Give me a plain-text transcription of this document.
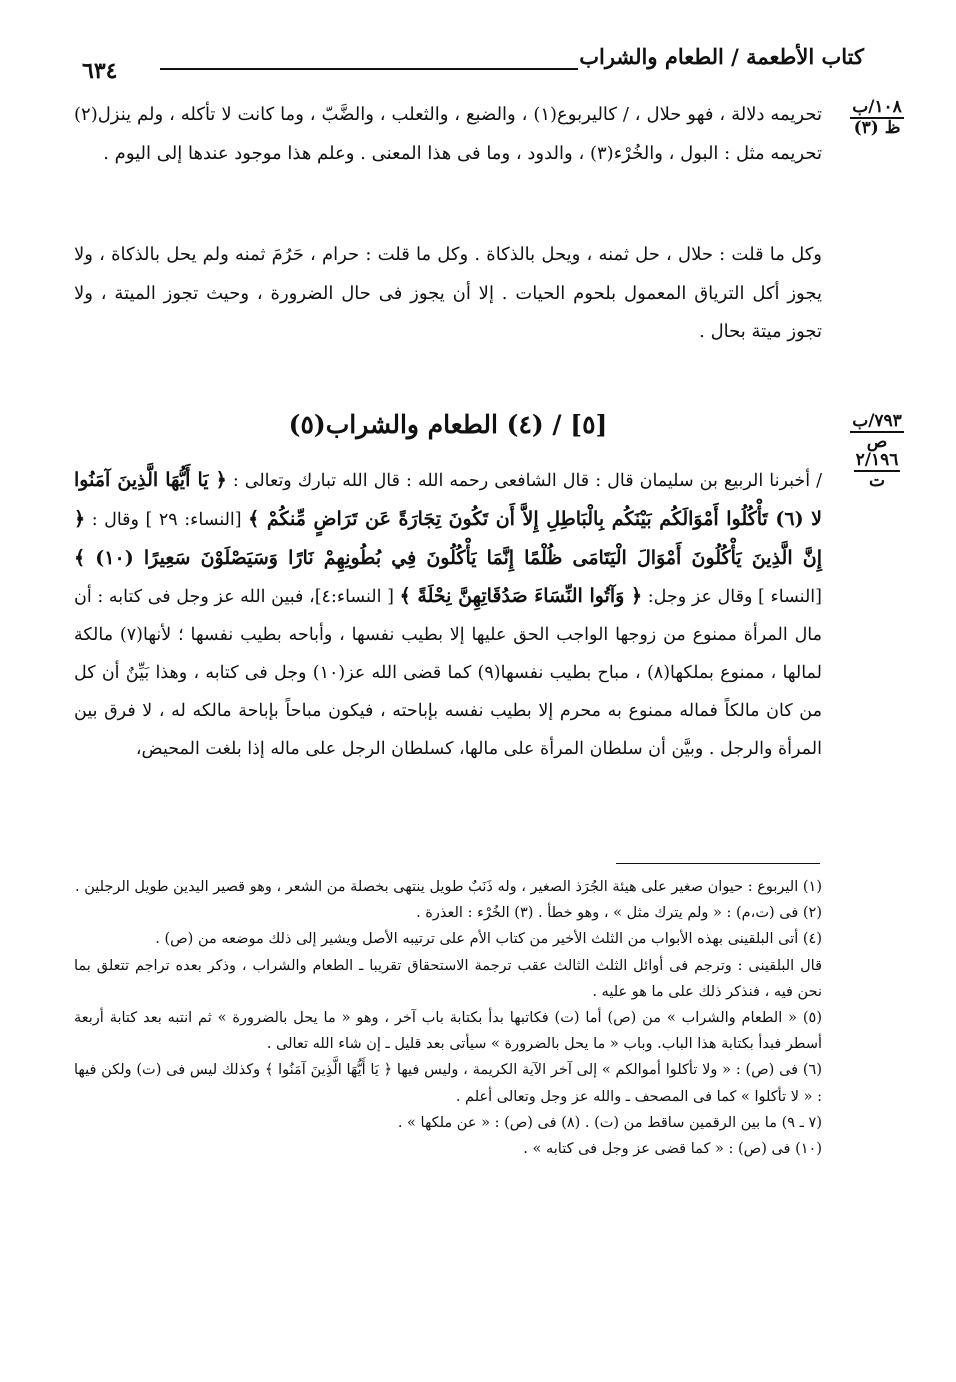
كتاب الأطعمة / الطعام والشراب
٦٣٤
١٠٨/ب
ظ (٣)
٧٩٣/ب
ص
٢/١٩٦
ت

تحريمه دلالة ، فهو حلال ، / كاليربوع(١) ، والضبع ، والثعلب ، والضَّبّ ، وما كانت لا تأكله ، ولم ينزل(٢) تحريمه مثل : البول ، والخُرْء(٣) ، والدود ، وما فى هذا المعنى . وعلم هذا موجود عندها إلى اليوم .

وكل ما قلت : حلال ، حل ثمنه ، ويحل بالذكاة . وكل ما قلت : حرام ، حَرُمَ ثمنه ولم يحل بالذكاة ، ولا يجوز أكل الترياق المعمول بلحوم الحيات . إلا أن يجوز فى حال الضرورة ، وحيث تجوز الميتة ، ولا تجوز ميتة بحال .

[٥] / (٤) الطعام والشراب(٥)

/ أخبرنا الربيع بن سليمان قال : قال الشافعى رحمه الله : قال الله تبارك وتعالى : ﴿ يَا أَيُّهَا الَّذِينَ آمَنُوا لا (٦) تَأْكُلُوا أَمْوَالَكُم بَيْنَكُم بِالْبَاطِلِ إِلاَّ أَن تَكُونَ تِجَارَةً عَن تَرَاضٍ مِّنكُمْ ﴾ [النساء: ٢٩ ] وقال : ﴿ إِنَّ الَّذِينَ يَأْكُلُونَ أَمْوَالَ الْيَتَامَى ظُلْمًا إِنَّمَا يَأْكُلُونَ فِي بُطُونِهِمْ نَارًا وَسَيَصْلَوْنَ سَعِيرًا (١٠) ﴾ [النساء ] وقال عز وجل: ﴿ وَآتُوا النِّسَاءَ صَدُقَاتِهِنَّ نِحْلَةً ﴾ [ النساء:٤]، فبين الله عز وجل فى كتابه : أن مال المرأة ممنوع من زوجها الواجب الحق عليها إلا بطيب نفسها ، وأباحه بطيب نفسها ؛ لأنها(٧) مالكة لمالها ، ممنوع بملكها(٨) ، مباح بطيب نفسها(٩) كما قضى الله عز(١٠) وجل فى كتابه ، وهذا بَيِّنٌ أن كل من كان مالكاً فماله ممنوع به محرم إلا بطيب نفسه بإباحته ، فيكون مباحاً بإباحة مالكه له ، لا فرق بين المرأة والرجل . وبيَّن أن سلطان المرأة على مالها، كسلطان الرجل على ماله إذا بلغت المحيض،

(١) اليربوع : حيوان صغير على هيئة الجُرَذ الصغير ، وله ذَنَبٌ طويل ينتهى بخصلة من الشعر ، وهو قصير اليدين طويل الرجلين .
(٢) فى (ت،م) : « ولم يترك مثل » ، وهو خطأ . (٣) الخُرْء : العذرة .
(٤) أتى البلقينى بهذه الأبواب من الثلث الأخير من كتاب الأم على ترتيبه الأصل ويشير إلى ذلك موضعه من (ص) .
قال البلقينى : وترجم فى أوائل الثلث الثالث عقب ترجمة الاستحقاق تقريبا ـ الطعام والشراب ، وذكر بعده تراجم تتعلق بما نحن فيه ، فنذكر ذلك على ما هو عليه .
(٥) « الطعام والشراب » من (ص) أما (ت) فكاتبها بدأ بكتابة باب آخر ، وهو « ما يحل بالضرورة » ثم انتبه بعد كتابة أربعة أسطر فبدأ بكتابة هذا الباب. وباب « ما يحل بالضرورة » سيأتى بعد قليل ـ إن شاء الله تعالى .
(٦) فى (ص) : « ولا تأكلوا أموالكم » إلى آخر الآية الكريمة ، وليس فيها ﴿ يَا أَيُّهَا الَّذِينَ آمَنُوا ﴾ وكذلك ليس فى (ت) ولكن فيها : « لا تأكلوا » كما فى المصحف ـ والله عز وجل وتعالى أعلم .
(٧ ـ ٩) ما بين الرقمين ساقط من (ت) . (٨) فى (ص) : « عن ملكها » .
(١٠) فى (ص) : « كما قضى عز وجل فى كتابه » .
